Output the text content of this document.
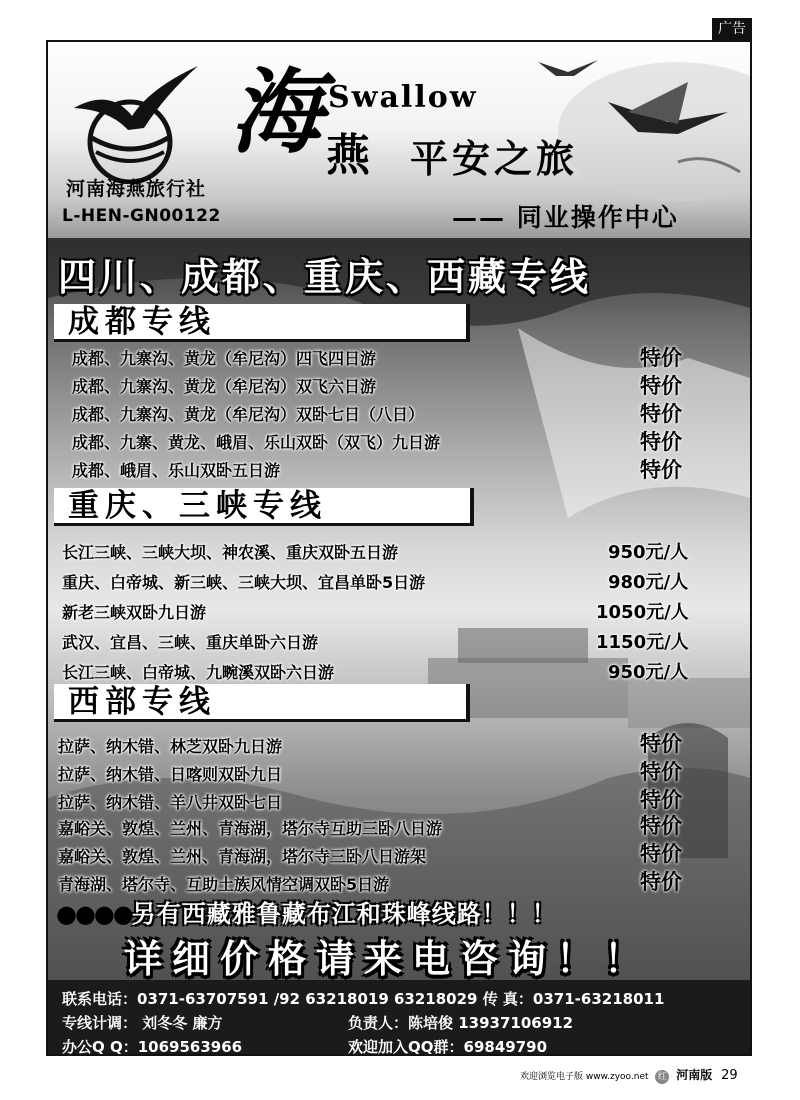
广告
河南海燕旅行社
L-HEN-GN00122
海 Swallow
燕 平安之旅
—— 同业操作中心
四川、成都、重庆、西藏专线
成都专线
成都、九寨沟、黄龙（牟尼沟）四飞四日游	特价
成都、九寨沟、黄龙（牟尼沟）双飞六日游	特价
成都、九寨沟、黄龙（牟尼沟）双卧七日（八日）	特价
成都、九寨、黄龙、峨眉、乐山双卧（双飞）九日游	特价
成都、峨眉、乐山双卧五日游	特价
重庆、三峡专线
长江三峡、三峡大坝、神农溪、重庆双卧五日游	950元/人
重庆、白帝城、新三峡、三峡大坝、宜昌单卧5日游	980元/人
新老三峡双卧九日游	1050元/人
武汉、宜昌、三峡、重庆单卧六日游	1150元/人
长江三峡、白帝城、九畹溪双卧六日游	950元/人
西部专线
拉萨、纳木错、林芝双卧九日游	特价
拉萨、纳木错、日喀则双卧九日	特价
拉萨、纳木错、羊八井双卧七日	特价
嘉峪关、敦煌、兰州、青海湖，塔尔寺互助三卧八日游	特价
嘉峪关、敦煌、兰州、青海湖，塔尔寺三卧八日游架	特价
青海湖、塔尔寺、互助土族风情空调双卧5日游	特价
●●●●另有西藏雅鲁藏布江和珠峰线路！！！
详细价格请来电咨询！！
联系电话：0371-63707591 /92 63218019 63218029 传 真：0371-63218011
专线计调： 刘冬冬 廉方	负责人：陈培俊 13937106912
办公Q Q：1069563966	欢迎加入QQ群：69849790
欢迎浏览电子版 www.zyoo.net 红 河南版 29
